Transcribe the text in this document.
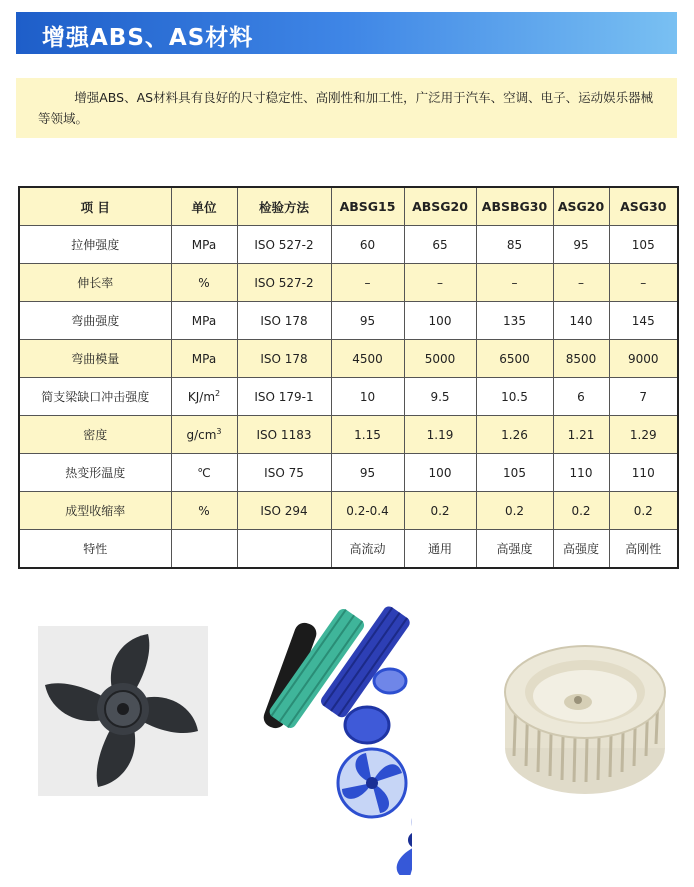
增强ABS、AS材料
增强ABS、AS材料具有良好的尺寸稳定性、高刚性和加工性，广泛用于汽车、空调、电子、运动娱乐器械等领域。
项 目	单位	检验方法	ABSG15	ABSG20	ABSBG30	ASG20	ASG30
拉伸强度	MPa	ISO 527-2	60	65	85	95	105
伸长率	%	ISO 527-2	–	–	–	–	–
弯曲强度	MPa	ISO 178	95	100	135	140	145
弯曲模量	MPa	ISO 178	4500	5000	6500	8500	9000
简支梁缺口冲击强度	$KJ/m^2$	ISO 179-1	10	9.5	10.5	6	7
密度	$g/cm^3$	ISO 1183	1.15	1.19	1.26	1.21	1.29
热变形温度	℃	ISO 75	95	100	105	110	110
成型收缩率	%	ISO 294	0.2-0.4	0.2	0.2	0.2	0.2
特性			高流动	通用	高强度	高强度	高刚性
